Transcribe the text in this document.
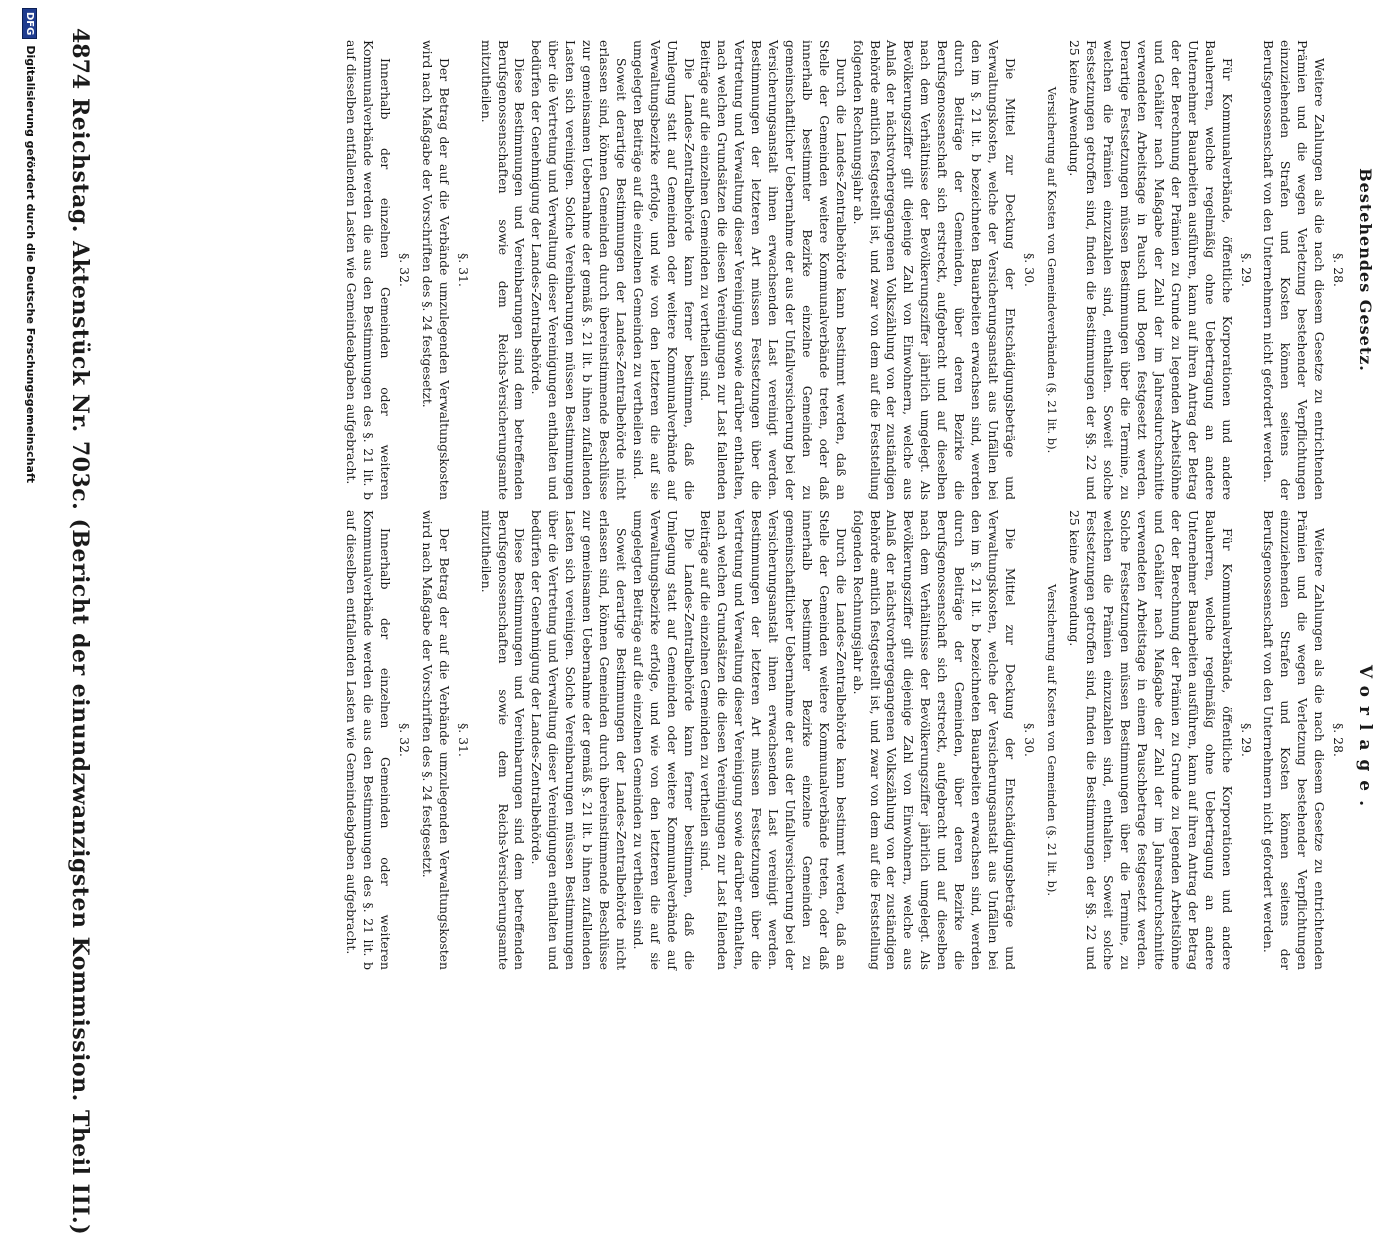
4874
Reichstag. Aktenstück Nr. 703c. (Bericht der einundzwanzigsten Kommission. Theil III.)	Bestehendes Gesetz.
§. 28.

Weitere Zahlungen als die nach diesem Gesetze zu entrichtenden Prämien und die wegen Verletzung bestehender Verpflichtungen einzuziehenden Strafen und Kosten können seitens der Berufsgenossenschaft von den Unternehmern nicht gefordert werden.

§. 29.

Für Kommunalverbände, öffentliche Korporationen und andere Bauherren, welche regelmäßig ohne Uebertragung an andere Unternehmer Bauarbeiten ausführen, kann auf ihren Antrag der Betrag der der Berechnung der Prämien zu Grunde zu legenden Arbeitslöhne und Gehälter nach Maßgabe der Zahl der im Jahresdurchschnitte verwendeten Arbeitstage in Pausch und Bogen festgesetzt werden. Derartige Festsetzungen müssen Bestimmungen über die Termine, zu welchen die Prämien einzuzahlen sind, enthalten. Soweit solche Festsetzungen getroffen sind, finden die Bestimmungen der §§. 22 und 25 keine Anwendung.

Versicherung auf Kosten von Gemeindeverbänden (§. 21 lit. b).
§. 30.

Die Mittel zur Deckung der Entschädigungsbeträge und Verwaltungskosten, welche der Versicherungsanstalt aus Unfällen bei den im §. 21 lit. b bezeichneten Bauarbeiten erwachsen sind, werden durch Beiträge der Gemeinden, über deren Bezirke die Berufsgenossenschaft sich erstreckt, aufgebracht und auf dieselben nach dem Verhältnisse der Bevölkerungsziffer jährlich umgelegt. Als Bevölkerungsziffer gilt diejenige Zahl von Einwohnern, welche aus Anlaß der nächstvorhergegangenen Volkszählung von der zuständigen Behörde amtlich festgestellt ist, und zwar von dem auf die Feststellung folgenden Rechnungsjahr ab.

Durch die Landes-Zentralbehörde kann bestimmt werden, daß an Stelle der Gemeinden weitere Kommunalverbände treten, oder daß innerhalb bestimmter Bezirke einzelne Gemeinden zu gemeinschaftlicher Uebernahme der aus der Unfallversicherung bei der Versicherungsanstalt ihnen erwachsenden Last vereinigt werden. Bestimmungen der letzteren Art müssen Festsetzungen über die Vertretung und Verwaltung dieser Vereinigung sowie darüber enthalten, nach welchen Grundsätzen die diesen Vereinigungen zur Last fallenden Beiträge auf die einzelnen Gemeinden zu vertheilen sind.

Die Landes-Zentralbehörde kann ferner bestimmen, daß die Umlegung statt auf Gemeinden oder weitere Kommunalverbände auf Verwaltungsbezirke erfolge, und wie von den letzteren die auf sie umgelegten Beiträge auf die einzelnen Gemeinden zu vertheilen sind.

Soweit derartige Bestimmungen der Landes-Zentralbehörde nicht erlassen sind, können Gemeinden durch übereinstimmende Beschlüsse zur gemeinsamen Uebernahme der gemäß §. 21 lit. b ihnen zufallenden Lasten sich vereinigen. Solche Vereinbarungen müssen Bestimmungen über die Vertretung und Verwaltung dieser Vereinigungen enthalten und bedürfen der Genehmigung der Landes-Zentralbehörde.

Diese Bestimmungen und Vereinbarungen sind dem betreffenden Berufsgenossenschaften sowie dem Reichs-Versicherungsamte mitzutheilen.

§. 31.

Der Betrag der auf die Verbände umzulegenden Verwaltungskosten wird nach Maßgabe der Vorschriften des §. 24 festgesetzt.

§. 32.

Innerhalb der einzelnen Gemeinden oder weiteren Kommunalverbände werden die aus den Bestimmungen des §. 21 lit. b auf dieselben entfallenden Lasten wie Gemeindeabgaben aufgebracht.

Vorlage.
§. 28.

Weitere Zahlungen als die nach diesem Gesetze zu entrichtenden Prämien und die wegen Verletzung bestehender Verpflichtungen einzuziehenden Strafen und Kosten können seitens der Berufsgenossenschaft von den Unternehmern nicht gefordert werden.

§. 29.

Für Kommunalverbände, öffentliche Korporationen und andere Bauherren, welche regelmäßig ohne Uebertragung an andere Unternehmer Bauarbeiten ausführen, kann auf ihren Antrag der Betrag der der Berechnung der Prämien zu Grunde zu legenden Arbeitslöhne und Gehälter nach Maßgabe der Zahl der im Jahresdurchschnitte verwendeten Arbeitstage in einem Pauschbetrage festgesetzt werden. Solche Festsetzungen müssen Bestimmungen über die Termine, zu welchen die Prämien einzuzahlen sind, enthalten. Soweit solche Festsetzungen getroffen sind, finden die Bestimmungen der §§. 22 und 25 keine Anwendung.

Versicherung auf Kosten von Gemeinden (§. 21 lit. b).
§. 30.

Die Mittel zur Deckung der Entschädigungsbeträge und Verwaltungskosten, welche der Versicherungsanstalt aus Unfällen bei den im §. 21 lit. b bezeichneten Bauarbeiten erwachsen sind, werden durch Beiträge der Gemeinden, über deren Bezirke die Berufsgenossenschaft sich erstreckt, aufgebracht und auf dieselben nach dem Verhältnisse der Bevölkerungsziffer jährlich umgelegt. Als Bevölkerungsziffer gilt diejenige Zahl von Einwohnern, welche aus Anlaß der nächstvorhergegangenen Volkszählung von der zuständigen Behörde amtlich festgestellt ist, und zwar von dem auf die Feststellung folgenden Rechnungsjahr ab.

Durch die Landes-Zentralbehörde kann bestimmt werden, daß an Stelle der Gemeinden weitere Kommunalverbände treten, oder daß innerhalb bestimmter Bezirke einzelne Gemeinden zu gemeinschaftlicher Uebernahme der aus der Unfallversicherung bei der Versicherungsanstalt ihnen erwachsenden Last vereinigt werden. Bestimmungen der letzteren Art müssen Festsetzungen über die Vertretung und Verwaltung dieser Vereinigung sowie darüber enthalten, nach welchen Grundsätzen die diesen Vereinigungen zur Last fallenden Beiträge auf die einzelnen Gemeinden zu vertheilen sind.

Die Landes-Zentralbehörde kann ferner bestimmen, daß die Umlegung statt auf Gemeinden oder weitere Kommunalverbände auf Verwaltungsbezirke erfolge, und wie von den letzteren die auf sie umgelegten Beiträge auf die einzelnen Gemeinden zu vertheilen sind.

Soweit derartige Bestimmungen der Landes-Zentralbehörde nicht erlassen sind, können Gemeinden durch übereinstimmende Beschlüsse zur gemeinsamen Uebernahme der gemäß §. 21 lit. b ihnen zufallenden Lasten sich vereinigen. Solche Vereinbarungen müssen Bestimmungen über die Vertretung und Verwaltung dieser Vereinigungen enthalten und bedürfen der Genehmigung der Landes-Zentralbehörde.

Diese Bestimmungen und Vereinbarungen sind dem betreffenden Berufsgenossenschaften sowie dem Reichs-Versicherungsamte mitzutheilen.

§. 31.

Der Betrag der auf die Verbände umzulegenden Verwaltungskosten wird nach Maßgabe der Vorschriften des §. 24 festgesetzt.

§. 32.

Innerhalb der einzelnen Gemeinden oder weiteren Kommunalverbände werden die aus den Bestimmungen des §. 21 lit. b auf dieselben entfallenden Lasten wie Gemeindeabgaben aufgebracht.

DFGDigitalisierung gefördert durch die Deutsche Forschungsgemeinschaft
